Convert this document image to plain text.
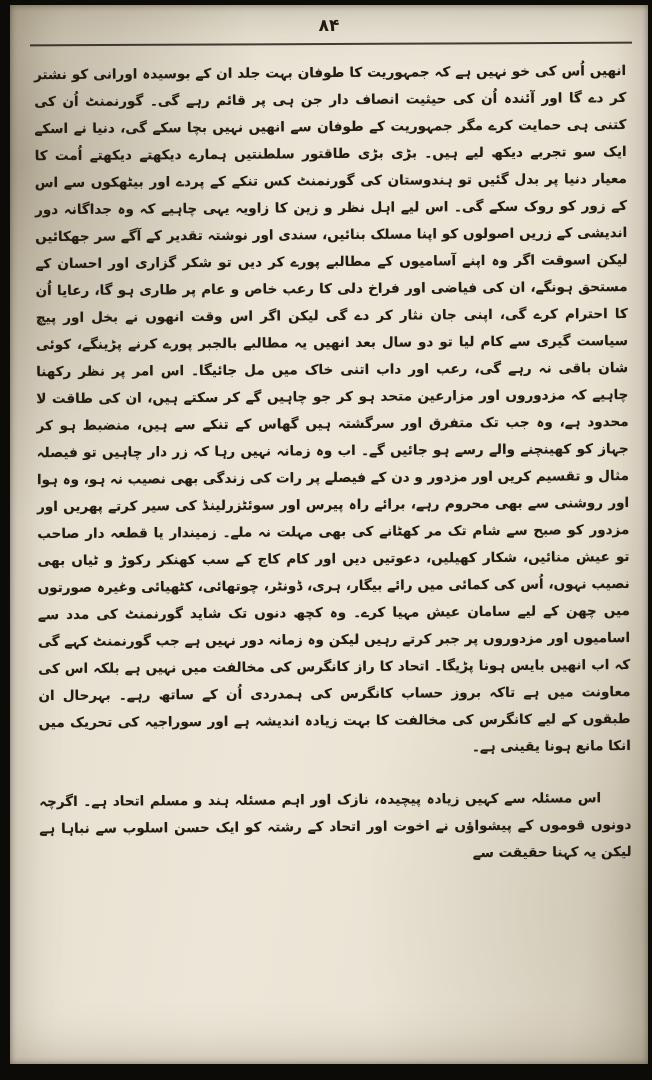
۸۴

انھیں اُس کی خو نہیں ہے کہ جمہوریت کا طوفان بہت جلد ان کے بوسیدہ اورانی کو نشتر کر دے گا اور آئندہ اُن کی حیثیت انصاف دار جن ہی پر قائم رہے گی۔ گورنمنٹ اُن کی کتنی ہی حمایت کرے مگر جمہوریت کے طوفان سے انھیں نہیں بچا سکے گی، دنیا نے اسکے ایک سو تجربے دیکھ لیے ہیں۔ بڑی بڑی طاقتور سلطنتیں ہمارے دیکھتے دیکھتے اُمت کا معیار دنیا پر بدل گئیں تو ہندوستان کی گورنمنٹ کس تنکے کے پردے اور بیٹھکوں سے اس کے زور کو روک سکے گی۔ اس لیے اہل نظر و زین کا زاویہ یہی چاہیے کہ وہ جداگانہ دور اندیشی کے زریں اصولوں کو اپنا مسلک بنائیں، سندی اور نوشتہ تقدیر کے آگے سر جھکائیں لیکن اسوقت اگر وہ اپنے آسامیوں کے مطالبے پورے کر دیں تو شکر گزاری اور احسان کے مستحق ہونگے، ان کی فیاضی اور فراخ دلی کا رعب خاص و عام پر طاری ہو گا، رعایا اُن کا احترام کرے گی، اپنی جان نثار کر دے گی لیکن اگر اس وقت انھوں نے بخل اور پیچ سیاست گیری سے کام لیا تو دو سال بعد انھیں یہ مطالبے بالجبر پورے کرنے پڑینگے، کوئی شان باقی نہ رہے گی، رعب اور داب اتنی خاک میں مل جائیگا۔ اس امر پر نظر رکھنا چاہیے کہ مزدوروں اور مزارعین متحد ہو کر جو چاہیں گے کر سکتے ہیں، ان کی طاقت لا محدود ہے، وہ جب تک متفرق اور سرگشتہ ہیں گھاس کے تنکے سے ہیں، منضبط ہو کر جہاز کو کھینچنے والے رسے ہو جائیں گے۔ اب وہ زمانہ نہیں رہا کہ زر دار چاہیں تو فیصلہ مثال و تقسیم کریں اور مزدور و دن کے فیصلے پر رات کی زندگی بھی نصیب نہ ہو، وہ ہوا اور روشنی سے بھی محروم رہے، برائے راہ پیرس اور سوئٹزرلینڈ کی سیر کرتے پھریں اور مزدور کو صبح سے شام تک مر کھٹانے کی بھی مہلت نہ ملے۔ زمیندار یا قطعہ دار صاحب تو عیش منائیں، شکار کھیلیں، دعوتیں دیں اور کام کاج کے سب کھنکر رکوڑ و ٹیاں بھی نصیب نہوں، اُس کی کمائی میں رائے بیگار، ہری، ڈونٹر، چوتھائی، کٹھیائی وغیرہ صورتوں میں چھن کے لیے سامان عیش مہیا کرے۔ وہ کچھ دنوں تک شاید گورنمنٹ کی مدد سے اسامیوں اور مزدوروں پر جبر کرتے رہیں لیکن وہ زمانہ دور نہیں ہے جب گورنمنٹ کہے گی کہ اب انھیں بایس ہونا پڑیگا۔ اتحاد کا راز کانگرس کی مخالفت میں نہیں ہے بلکہ اس کی معاونت میں ہے تاکہ بروز حساب کانگرس کی ہمدردی اُن کے ساتھ رہے۔ بہرحال ان طبقوں کے لیے کانگرس کی مخالفت کا بہت زیادہ اندیشہ ہے اور سوراجیہ کی تحریک میں انکا مانع ہونا یقینی ہے۔

اس مسئلہ سے کہیں زیادہ پیچیدہ، نازک اور اہم مسئلہ ہند و مسلم اتحاد ہے۔ اگرچہ دونوں قوموں کے پیشواؤں نے اخوت اور اتحاد کے رشتہ کو ایک حسن اسلوب سے نباہا ہے لیکن یہ کہنا حقیقت سے
